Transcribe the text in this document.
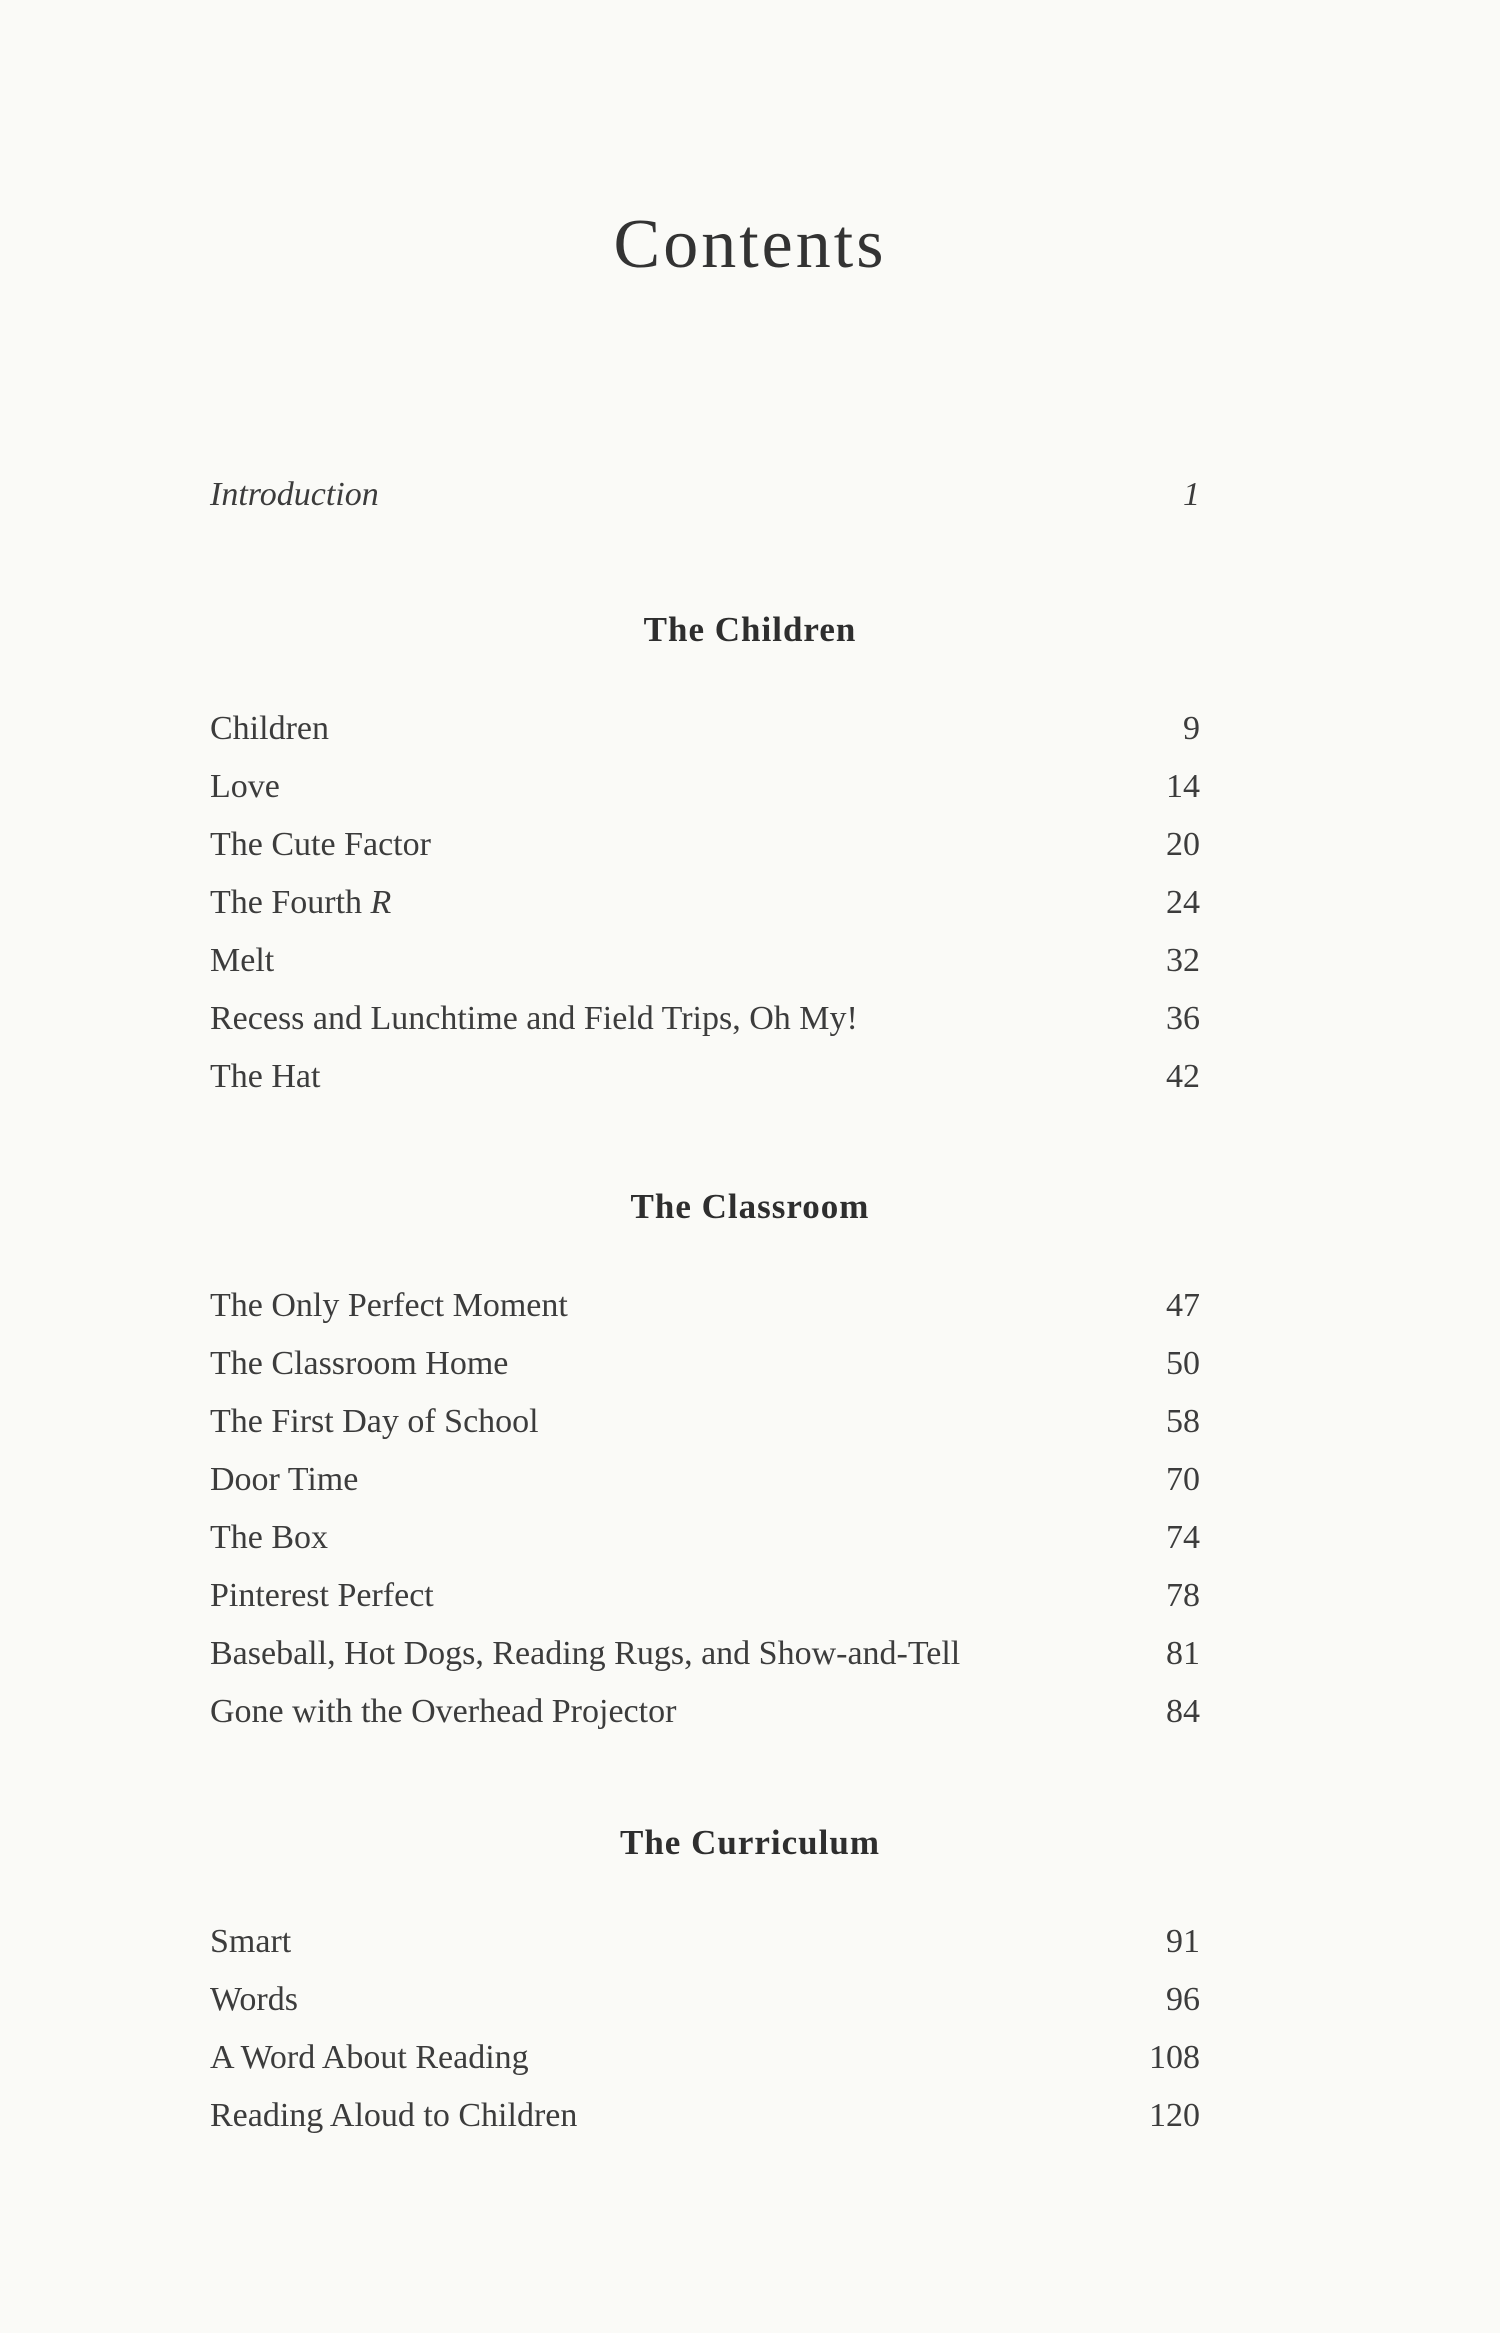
Contents
Introduction	1
The Children
Children	9
Love	14
The Cute Factor	20
The Fourth R	24
Melt	32
Recess and Lunchtime and Field Trips, Oh My!	36
The Hat	42
The Classroom
The Only Perfect Moment	47
The Classroom Home	50
The First Day of School	58
Door Time	70
The Box	74
Pinterest Perfect	78
Baseball, Hot Dogs, Reading Rugs, and Show-and-Tell	81
Gone with the Overhead Projector	84
The Curriculum
Smart	91
Words	96
A Word About Reading	108
Reading Aloud to Children	120
